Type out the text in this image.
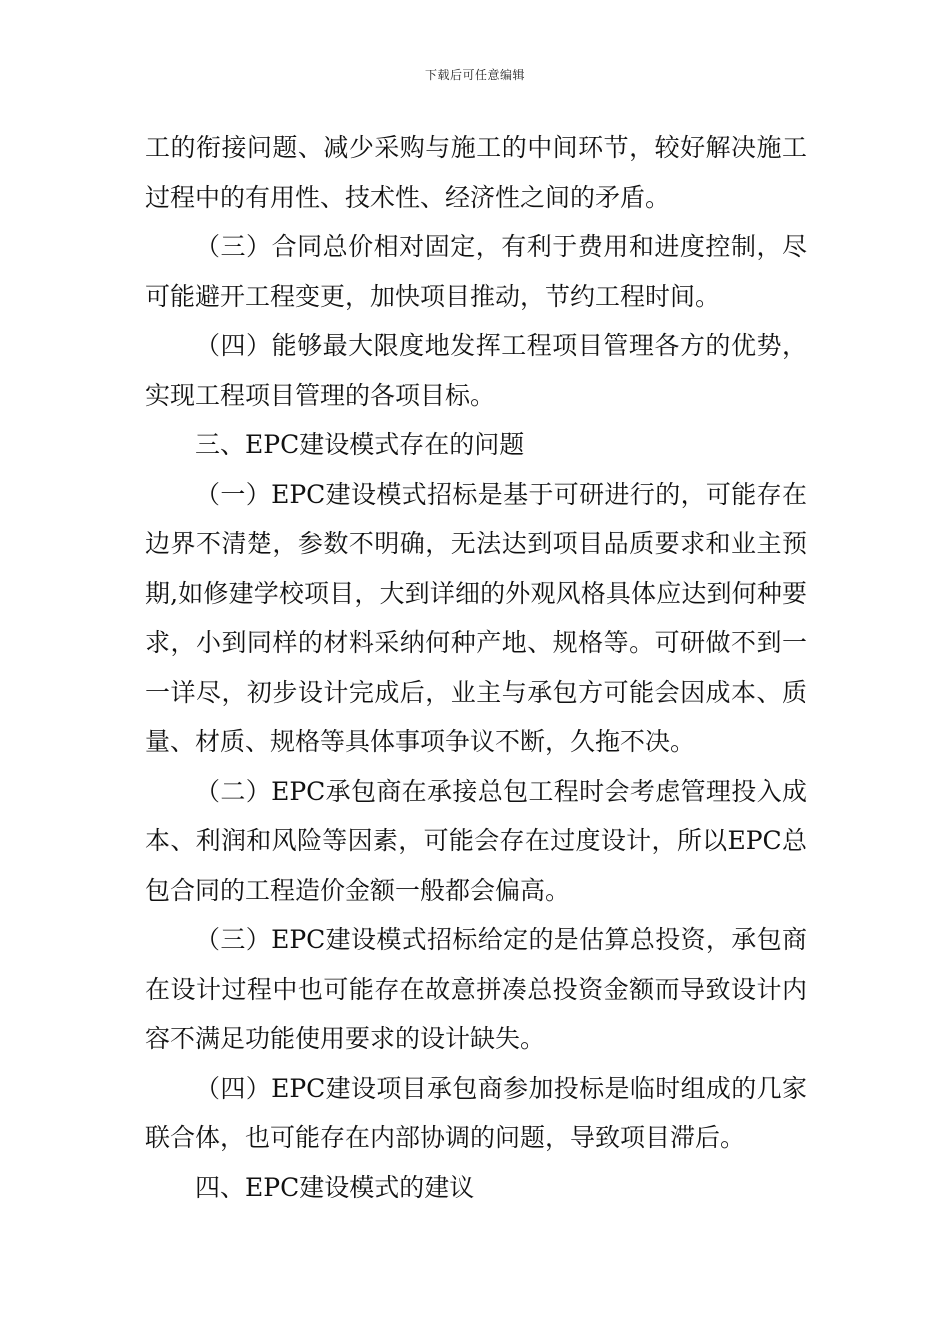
下载后可任意编辑

工的衔接问题、减少采购与施工的中间环节，较好解决施工过程中的有用性、技术性、经济性之间的矛盾。

（三）合同总价相对固定，有利于费用和进度控制，尽可能避开工程变更，加快项目推动，节约工程时间。

（四）能够最大限度地发挥工程项目管理各方的优势，实现工程项目管理的各项目标。

三、EPC建设模式存在的问题

（一）EPC建设模式招标是基于可研进行的，可能存在边界不清楚，参数不明确，无法达到项目品质要求和业主预期,如修建学校项目，大到详细的外观风格具体应达到何种要求，小到同样的材料采纳何种产地、规格等。可研做不到一一详尽，初步设计完成后，业主与承包方可能会因成本、质量、材质、规格等具体事项争议不断，久拖不决。

（二）EPC承包商在承接总包工程时会考虑管理投入成本、利润和风险等因素，可能会存在过度设计，所以EPC总包合同的工程造价金额一般都会偏高。

（三）EPC建设模式招标给定的是估算总投资，承包商在设计过程中也可能存在故意拼凑总投资金额而导致设计内容不满足功能使用要求的设计缺失。

（四）EPC建设项目承包商参加投标是临时组成的几家联合体，也可能存在内部协调的问题，导致项目滞后。

四、EPC建设模式的建议
